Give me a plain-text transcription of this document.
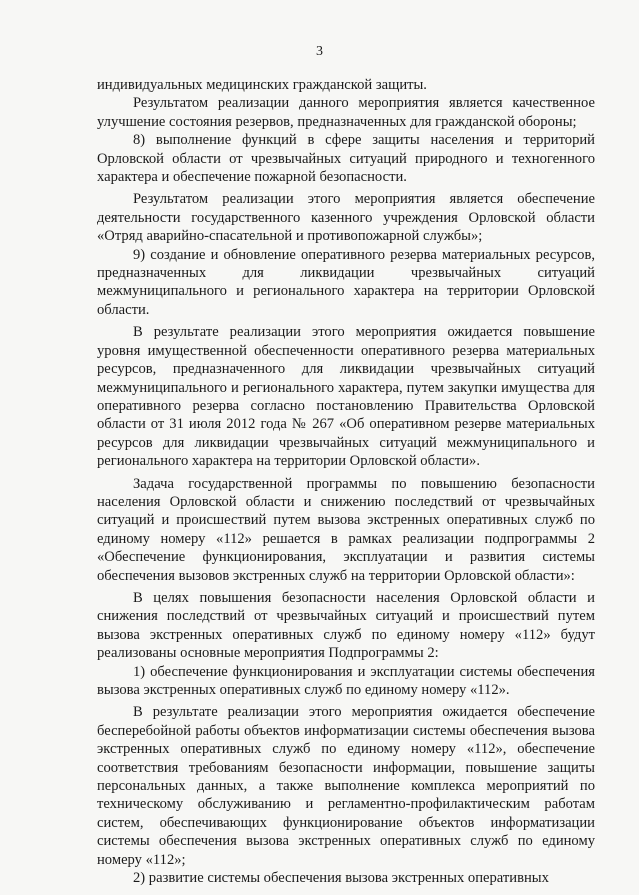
3

индивидуальных медицинских гражданской защиты.

Результатом реализации данного мероприятия является качественное улучшение состояния резервов, предназначенных для гражданской обороны;

8) выполнение функций в сфере защиты населения и территорий Орловской области от чрезвычайных ситуаций природного и техногенного характера и обеспечение пожарной безопасности.

Результатом реализации этого мероприятия является обеспечение деятельности государственного казенного учреждения Орловской области «Отряд аварийно-спасательной и противопожарной службы»;

9) создание и обновление оперативного резерва материальных ресурсов, предназначенных для ликвидации чрезвычайных ситуаций межмуниципального и регионального характера на территории Орловской области.

В результате реализации этого мероприятия ожидается повышение уровня имущественной обеспеченности оперативного резерва материальных ресурсов, предназначенного для ликвидации чрезвычайных ситуаций межмуниципального и регионального характера, путем закупки имущества для оперативного резерва согласно постановлению Правительства Орловской области от 31 июля 2012 года № 267 «Об оперативном резерве материальных ресурсов для ликвидации чрезвычайных ситуаций межмуниципального и регионального характера на территории Орловской области».

Задача государственной программы по повышению безопасности населения Орловской области и снижению последствий от чрезвычайных ситуаций и происшествий путем вызова экстренных оперативных служб по единому номеру «112» решается в рамках реализации подпрограммы 2 «Обеспечение функционирования, эксплуатации и развития системы обеспечения вызовов экстренных служб на территории Орловской области»:

В целях повышения безопасности населения Орловской области и снижения последствий от чрезвычайных ситуаций и происшествий путем вызова экстренных оперативных служб по единому номеру «112» будут реализованы основные мероприятия Подпрограммы 2:

1) обеспечение функционирования и эксплуатации системы обеспечения вызова экстренных оперативных служб по единому номеру «112».

В результате реализации этого мероприятия ожидается обеспечение бесперебойной работы объектов информатизации системы обеспечения вызова экстренных оперативных служб по единому номеру «112», обеспечение соответствия требованиям безопасности информации, повышение защиты персональных данных, а также выполнение комплекса мероприятий по техническому обслуживанию и регламентно-профилактическим работам систем, обеспечивающих функционирование объектов информатизации системы обеспечения вызова экстренных оперативных служб по единому номеру «112»;

2) развитие системы обеспечения вызова экстренных оперативных
